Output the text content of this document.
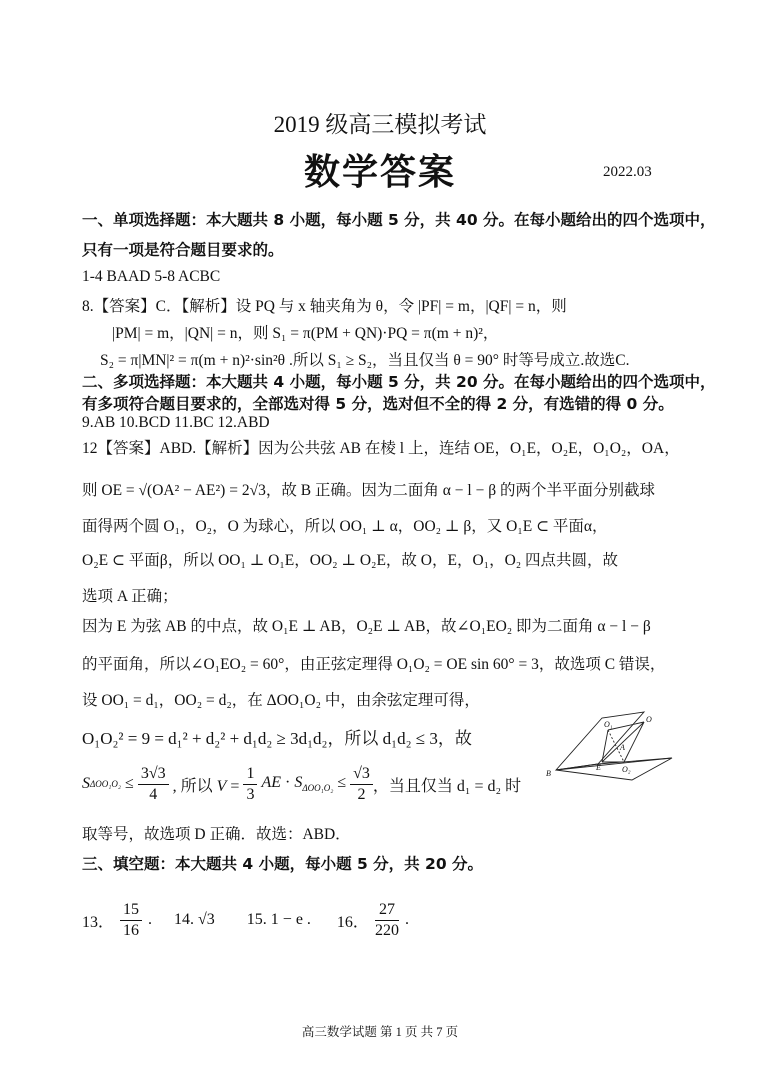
2019 级高三模拟考试
数学答案	2022.03
一、单项选择题：本大题共 8 小题，每小题 5 分，共 40 分。在每小题给出的四个选项中，
只有一项是符合题目要求的。
1-4 BAAD 5-8 ACBC
8.【答案】C．【解析】设 PQ 与 x 轴夹角为 θ，令 |PF| = m，|QF| = n，则
|PM| = m，|QN| = n，则 S₁ = π(PM + QN)·PQ = π(m + n)²，
S₂ = π|MN|² = π(m + n)²·sin²θ .所以 S₁ ≥ S₂，当且仅当 θ = 90° 时等号成立.故选C.
二、多项选择题：本大题共 4 小题，每小题 5 分，共 20 分。在每小题给出的四个选项中，
有多项符合题目要求的，全部选对得 5 分，选对但不全的得 2 分，有选错的得 0 分。
9.AB 10.BCD 11.BC 12.ABD
12【答案】ABD.【解析】因为公共弦 AB 在棱 l 上，连结 OE，O₁E，O₂E，O₁O₂，OA，
则 OE = √(OA² − AE²) = 2√3，故 B 正确。因为二面角 α − l − β 的两个半平面分别截球
面得两个圆 O₁，O₂，O 为球心，所以 OO₁ ⊥ α，OO₂ ⊥ β，又 O₁E ⊂ 平面α，
O₂E ⊂ 平面β，所以 OO₁ ⊥ O₁E，OO₂ ⊥ O₂E，故 O，E，O₁，O₂ 四点共圆，故
选项 A 正确；
因为 E 为弦 AB 的中点，故 O₁E ⊥ AB，O₂E ⊥ AB，故∠O₁EO₂ 即为二面角 α − l − β
的平面角，所以∠O₁EO₂ = 60°，由正弦定理得 O₁O₂ = OE sin 60° = 3，故选项 C 错误，
设 OO₁ = d₁，OO₂ = d₂，在 ΔOO₁O₂ 中，由余弦定理可得，
O₁O₂² = 9 = d₁² + d₂² + d₁d₂ ≥ 3d₁d₂，所以 d₁d₂ ≤ 3，故
S $\Delta OO_1O_2 \le \frac{3√3}{4}$ , 所以 $V = \frac{1}{3}$ AE · $S_{\Delta OO_1O_2} \le \frac{√3}{2}$ ，当且仅当 d₁ = d₂ 时
取等号，故选项 D 正确．故选：ABD．
三、填空题：本大题共 4 小题，每小题 5 分，共 20 分。
13． $\frac{15}{16}$ . 14. √3 15. 1 − e . 16． $\frac{27}{220}$ .
O₁
O
A
E	O₂
B
高三数学试题 第 1 页 共 7 页
